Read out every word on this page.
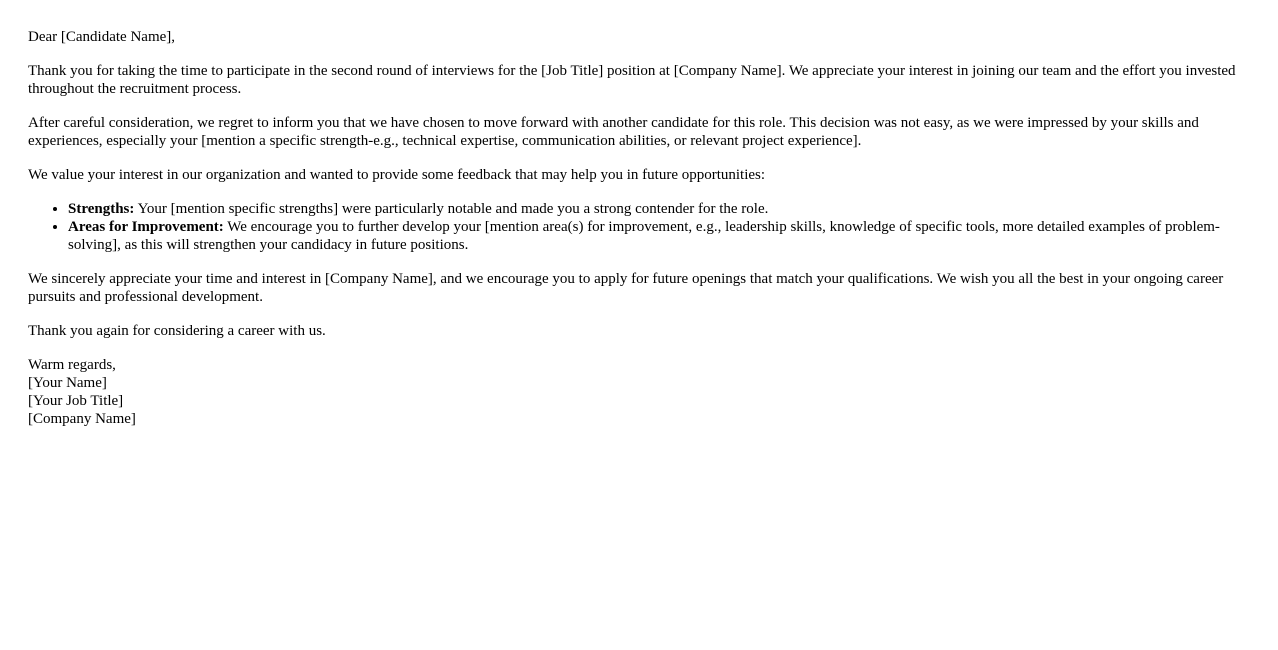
Dear [Candidate Name],

Thank you for taking the time to participate in the second round of interviews for the [Job Title] position at [Company Name]. We appreciate your interest in joining our team and the effort you invested throughout the recruitment process.

After careful consideration, we regret to inform you that we have chosen to move forward with another candidate for this role. This decision was not easy, as we were impressed by your skills and experiences, especially your [mention a specific strength-e.g., technical expertise, communication abilities, or relevant project experience].

We value your interest in our organization and wanted to provide some feedback that may help you in future opportunities:

• Strengths: Your [mention specific strengths] were particularly notable and made you a strong contender for the role.
• Areas for Improvement: We encourage you to further develop your [mention area(s) for improvement, e.g., leadership skills, knowledge of specific tools, more detailed examples of problem-solving], as this will strengthen your candidacy in future positions.

We sincerely appreciate your time and interest in [Company Name], and we encourage you to apply for future openings that match your qualifications. We wish you all the best in your ongoing career pursuits and professional development.

Thank you again for considering a career with us.

Warm regards,
[Your Name]
[Your Job Title]
[Company Name]
